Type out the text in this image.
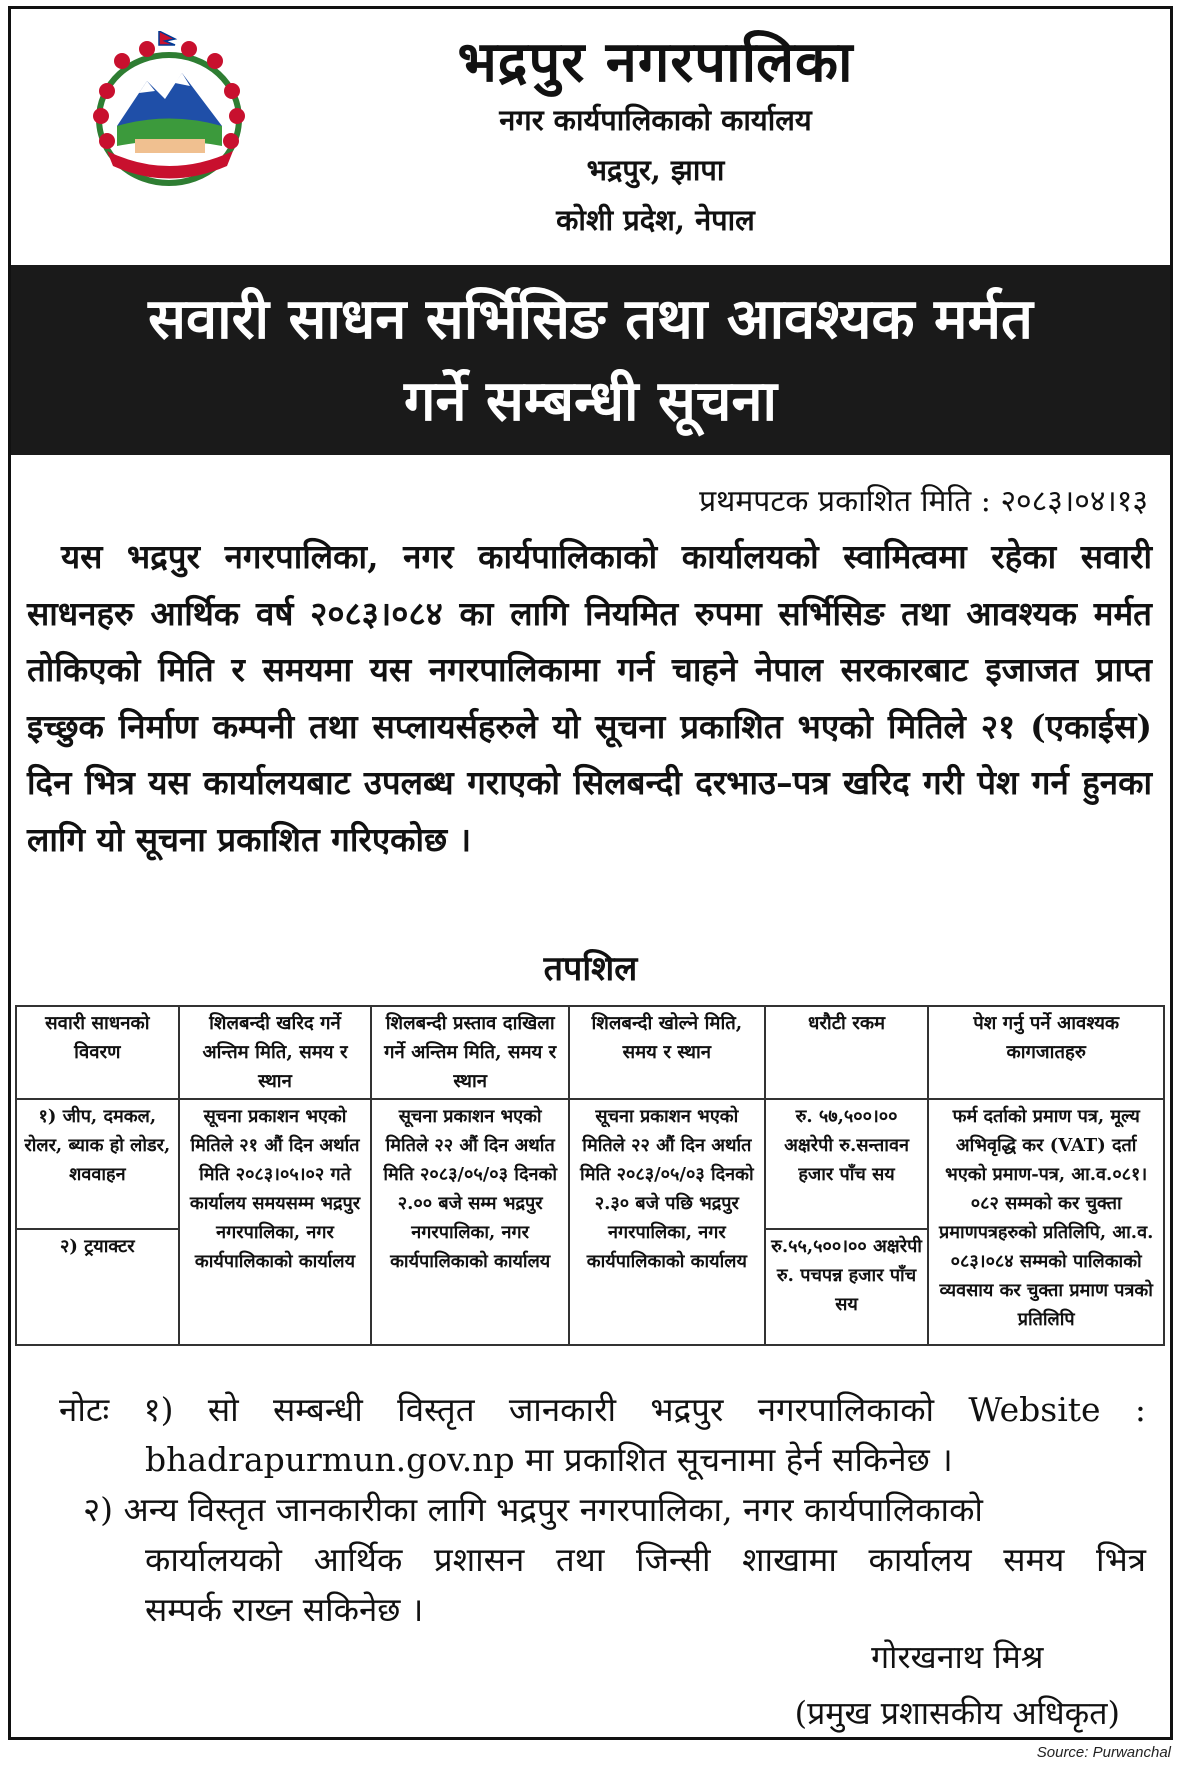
भद्रपुर नगरपालिका
नगर कार्यपालिकाको कार्यालय
भद्रपुर, झापा
कोशी प्रदेश, नेपाल
सवारी साधन सर्भिसिङ तथा आवश्यक मर्मत
गर्ने सम्बन्धी सूचना
प्रथमपटक प्रकाशित मिति : २०८३।०४।१३
यस भद्रपुर नगरपालिका, नगर कार्यपालिकाको कार्यालयको स्वामित्वमा रहेका सवारी साधनहरु आर्थिक वर्ष २०८३।०८४ का लागि नियमित रुपमा सर्भिसिङ तथा आवश्यक मर्मत तोकिएको मिति र समयमा यस नगरपालिकामा गर्न चाहने नेपाल सरकारबाट इजाजत प्राप्त इच्छुक निर्माण कम्पनी तथा सप्लायर्सहरुले यो सूचना प्रकाशित भएको मितिले २१ (एकाईस) दिन भित्र यस कार्यालयबाट उपलब्ध गराएको सिलबन्दी दरभाउ–पत्र खरिद गरी पेश गर्न हुनका लागि यो सूचना प्रकाशित गरिएकोछ ।
तपशिल
सवारी साधनको विवरण	शिलबन्दी खरिद गर्ने अन्तिम मिति, समय र स्थान	शिलबन्दी प्रस्ताव दाखिला गर्ने अन्तिम मिति, समय र स्थान	शिलबन्दी खोल्ने मिति, समय र स्थान	धरौटी रकम	पेश गर्नु पर्ने आवश्यक कागजातहरु
१) जीप, दमकल, रोलर, ब्याक हो लोडर, शववाहन	सूचना प्रकाशन भएको मितिले २१ औं दिन अर्थात मिति २०८३।०५।०२ गते कार्यालय समयसम्म भद्रपुर नगरपालिका, नगर कार्यपालिकाको कार्यालय	सूचना प्रकाशन भएको मितिले २२ औं दिन अर्थात मिति २०८३/०५/०३ दिनको २.०० बजे सम्म भद्रपुर नगरपालिका, नगर कार्यपालिकाको कार्यालय	सूचना प्रकाशन भएको मितिले २२ औं दिन अर्थात मिति २०८३/०५/०३ दिनको २.३० बजे पछि भद्रपुर नगरपालिका, नगर कार्यपालिकाको कार्यालय	रु. ५७,५००।०० अक्षरेपी रु.सन्तावन हजार पाँच सय	फर्म दर्ताको प्रमाण पत्र, मूल्य अभिवृद्धि कर (VAT) दर्ता भएको प्रमाण-पत्र, आ.व.०८१।०८२ सम्मको कर चुक्ता प्रमाणपत्रहरुको प्रतिलिपि, आ.व. ०८३।०८४ सम्मको पालिकाको व्यवसाय कर चुक्ता प्रमाण पत्रको प्रतिलिपि
२) ट्रयाक्टर				रु.५५,५००।०० अक्षरेपी रु. पचपन्न हजार पाँच सय	
नोटः १) सो सम्बन्धी विस्तृत जानकारी भद्रपुर नगरपालिकाको Website :
bhadrapurmun.gov.np मा प्रकाशित सूचनामा हेर्न सकिनेछ ।
२) अन्य विस्तृत जानकारीका लागि भद्रपुर नगरपालिका, नगर कार्यपालिकाको
कार्यालयको आर्थिक प्रशासन तथा जिन्सी शाखामा कार्यालय समय भित्र
सम्पर्क राख्न सकिनेछ ।
गोरखनाथ मिश्र
(प्रमुख प्रशासकीय अधिकृत)
Source: Purwanchal
